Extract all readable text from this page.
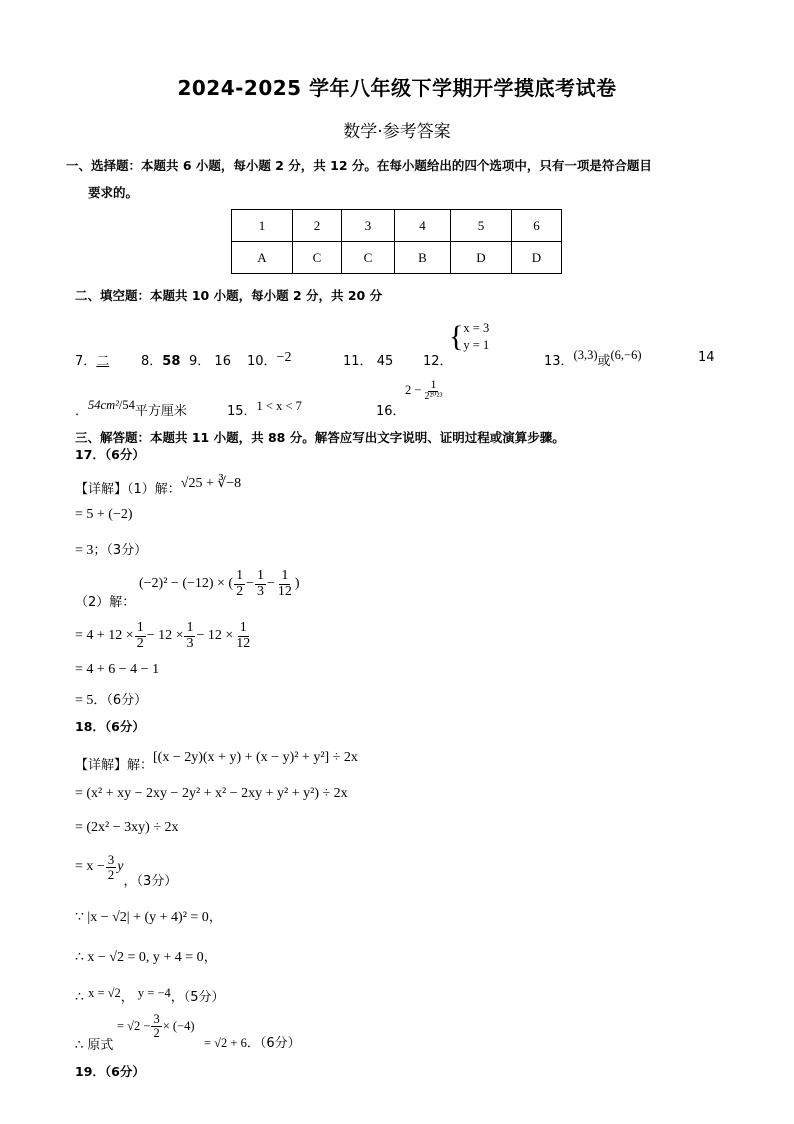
2024-2025 学年八年级下学期开学摸底考试卷
数学·参考答案
一、选择题：本题共 6 小题，每小题 2 分，共 12 分。在每小题给出的四个选项中，只有一项是符合题目
要求的。
1	2	3	4	5	6
A	C	C	B	D	D
二、填空题：本题共 10 小题，每小题 2 分，共 20 分
7．二 8．58 9． 16 10．−2	11． 45 12．
{ x = 3
y = 1
13．(3,3)或(6,−6)	14
．54cm²/54平方厘米	15．1 < x < 7	16．
$2 - \frac{1}{\text{2²⁰²³}}$
三、解答题：本题共 11 小题，共 88 分。解答应写出文字说明、证明过程或演算步骤。
17．（6分）
【详解】（1）解：√25 + ∛−8
= 5 + (−2)
= 3；（3分）
(−2)² − (−12) × ( $\frac{1}{2} - \frac{1}{3} - \frac{1}{12}$ )
（2）解：
= $4 + 12 \times \frac{1}{2} - 12 \times \frac{1}{3} - 12 \times \frac{1}{12}$
= 4 + 6 − 4 − 1
= 5．（6分）
18．（6分）
【详解】解：[(x − 2y)(x + y) + (x − y)² + y²] ÷ 2x
= (x² + xy − 2xy − 2y² + x² − 2xy + y² + y²) ÷ 2x
= (2x² − 3xy) ÷ 2x
= $x - \frac{3}{2}$ y
，（3分）
∵ |x − √2| + (y + 4)² = 0，
∴ x − √2 = 0, y + 4 = 0，
∴ x = √2， y = −4，（5分）
∴ 原式
= $√2 - \frac{3}{2} \times (-4)$
= √2 + 6．（6分）
19．（6分）
